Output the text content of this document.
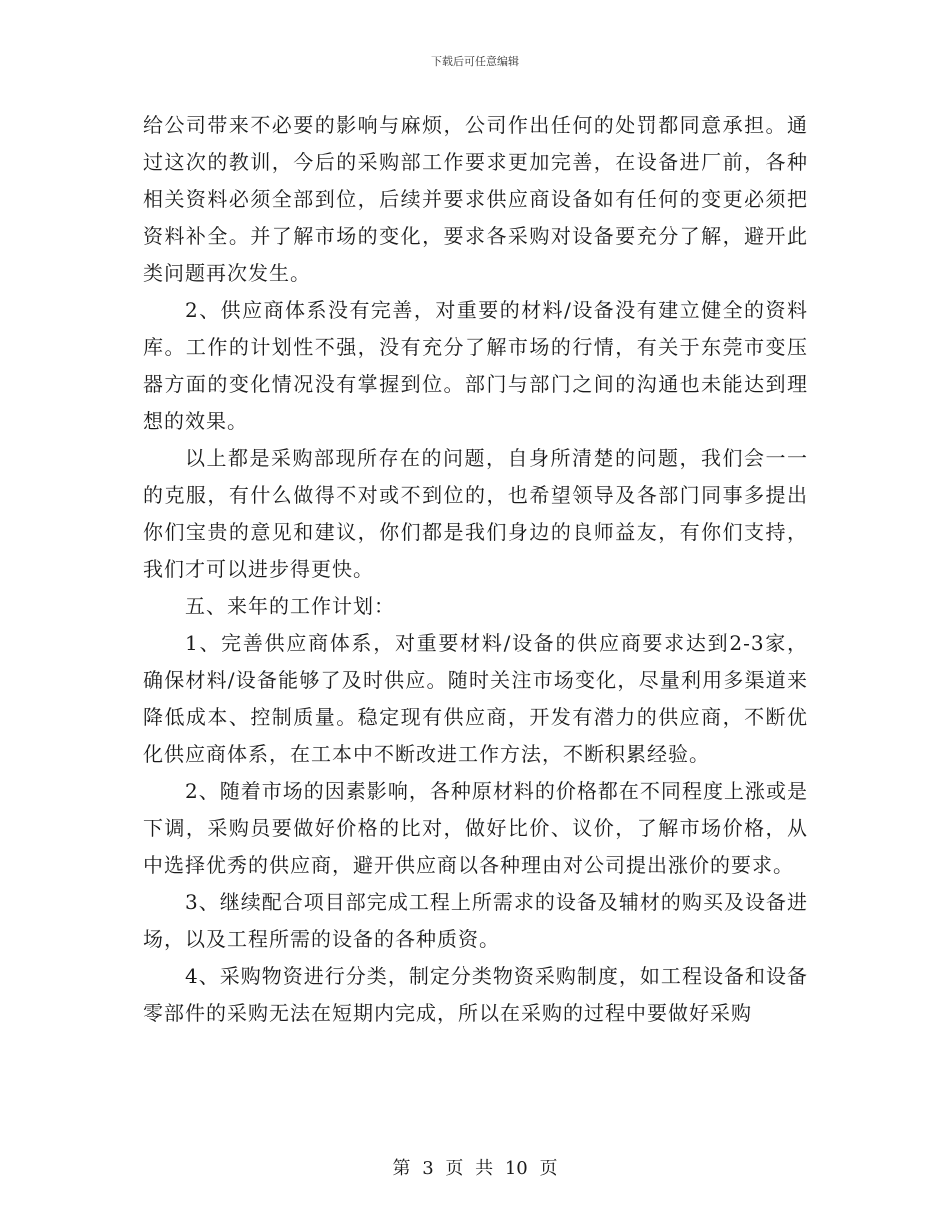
下载后可任意编辑

给公司带来不必要的影响与麻烦，公司作出任何的处罚都同意承担。通过这次的教训，今后的采购部工作要求更加完善，在设备进厂前，各种相关资料必须全部到位，后续并要求供应商设备如有任何的变更必须把资料补全。并了解市场的变化，要求各采购对设备要充分了解，避开此类问题再次发生。

2、供应商体系没有完善，对重要的材料/设备没有建立健全的资料库。工作的计划性不强，没有充分了解市场的行情，有关于东莞市变压器方面的变化情况没有掌握到位。部门与部门之间的沟通也未能达到理想的效果。

以上都是采购部现所存在的问题，自身所清楚的问题，我们会一一的克服，有什么做得不对或不到位的，也希望领导及各部门同事多提出你们宝贵的意见和建议，你们都是我们身边的良师益友，有你们支持，我们才可以进步得更快。

五、来年的工作计划：

1、完善供应商体系，对重要材料/设备的供应商要求达到2-3家，确保材料/设备能够了及时供应。随时关注市场变化，尽量利用多渠道来降低成本、控制质量。稳定现有供应商，开发有潜力的供应商，不断优化供应商体系，在工本中不断改进工作方法，不断积累经验。

2、随着市场的因素影响，各种原材料的价格都在不同程度上涨或是下调，采购员要做好价格的比对，做好比价、议价，了解市场价格，从中选择优秀的供应商，避开供应商以各种理由对公司提出涨价的要求。

3、继续配合项目部完成工程上所需求的设备及辅材的购买及设备进场，以及工程所需的设备的各种质资。

4、采购物资进行分类，制定分类物资采购制度，如工程设备和设备零部件的采购无法在短期内完成，所以在采购的过程中要做好采购

第 3 页 共 10 页
